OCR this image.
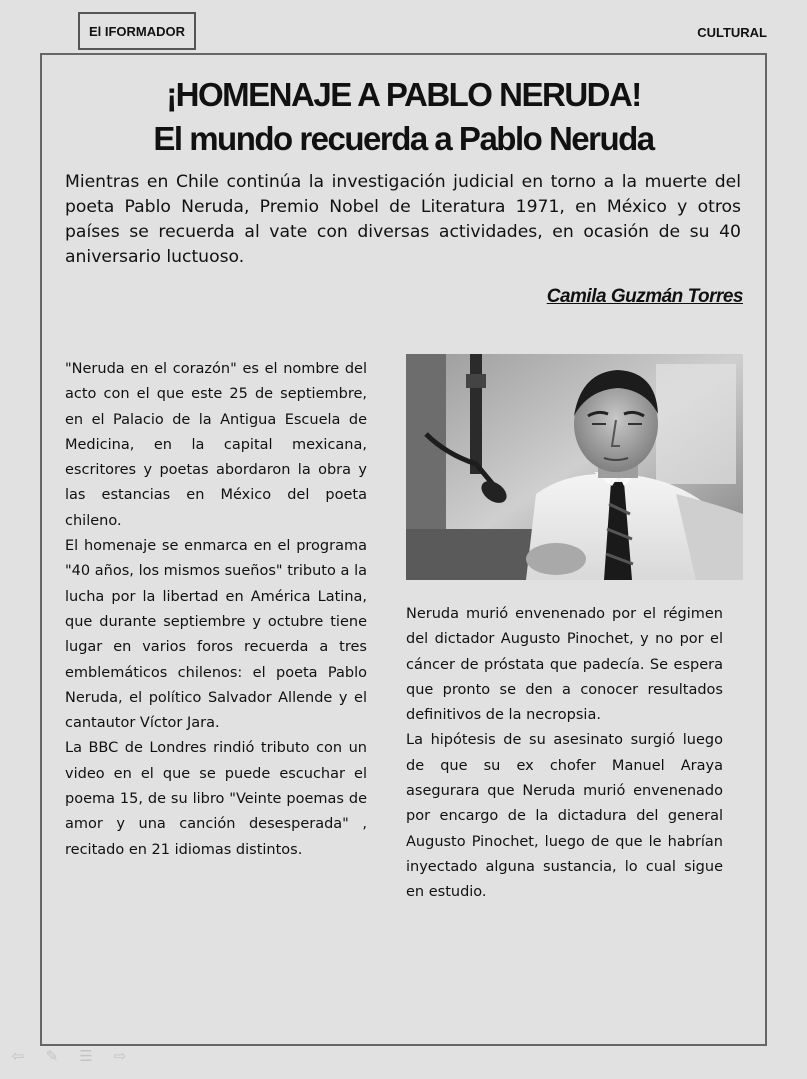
El IFORMADOR	CULTURAL
¡HOMENAJE A PABLO NERUDA!
El mundo recuerda a Pablo Neruda

Mientras en Chile continúa la investigación judicial en torno a la muerte del poeta Pablo Neruda, Premio Nobel de Literatura 1971, en México y otros países se recuerda al vate con diversas actividades, en ocasión de su 40 aniversario luctuoso.

Camila Guzmán Torres

"Neruda en el corazón" es el nombre del acto con el que este 25 de septiembre, en el Palacio de la Antigua Escuela de Medicina, en la capital mexicana, escritores y poetas abordaron la obra y las estancias en México del poeta chileno.

El homenaje se enmarca en el programa "40 años, los mismos sueños" tributo a la lucha por la libertad en América Latina, que durante septiembre y octubre tiene lugar en varios foros recuerda a tres emblemáticos chilenos: el poeta Pablo Neruda, el político Salvador Allende y el cantautor Víctor Jara.

La BBC de Londres rindió tributo con un video en el que se puede escuchar el poema 15, de su libro "Veinte poemas de amor y una canción desesperada" , recitado en 21 idiomas distintos.

Neruda murió envenenado por el régimen del dictador Augusto Pinochet, y no por el cáncer de próstata que padecía. Se espera que pronto se den a conocer resultados definitivos de la necropsia.

La hipótesis de su asesinato surgió luego de que su ex chofer Manuel Araya asegurara que Neruda murió envenenado por encargo de la dictadura del general Augusto Pinochet, luego de que le habrían inyectado alguna sustancia, lo cual sigue en estudio.

⇦ ✎ ☰ ⇨
